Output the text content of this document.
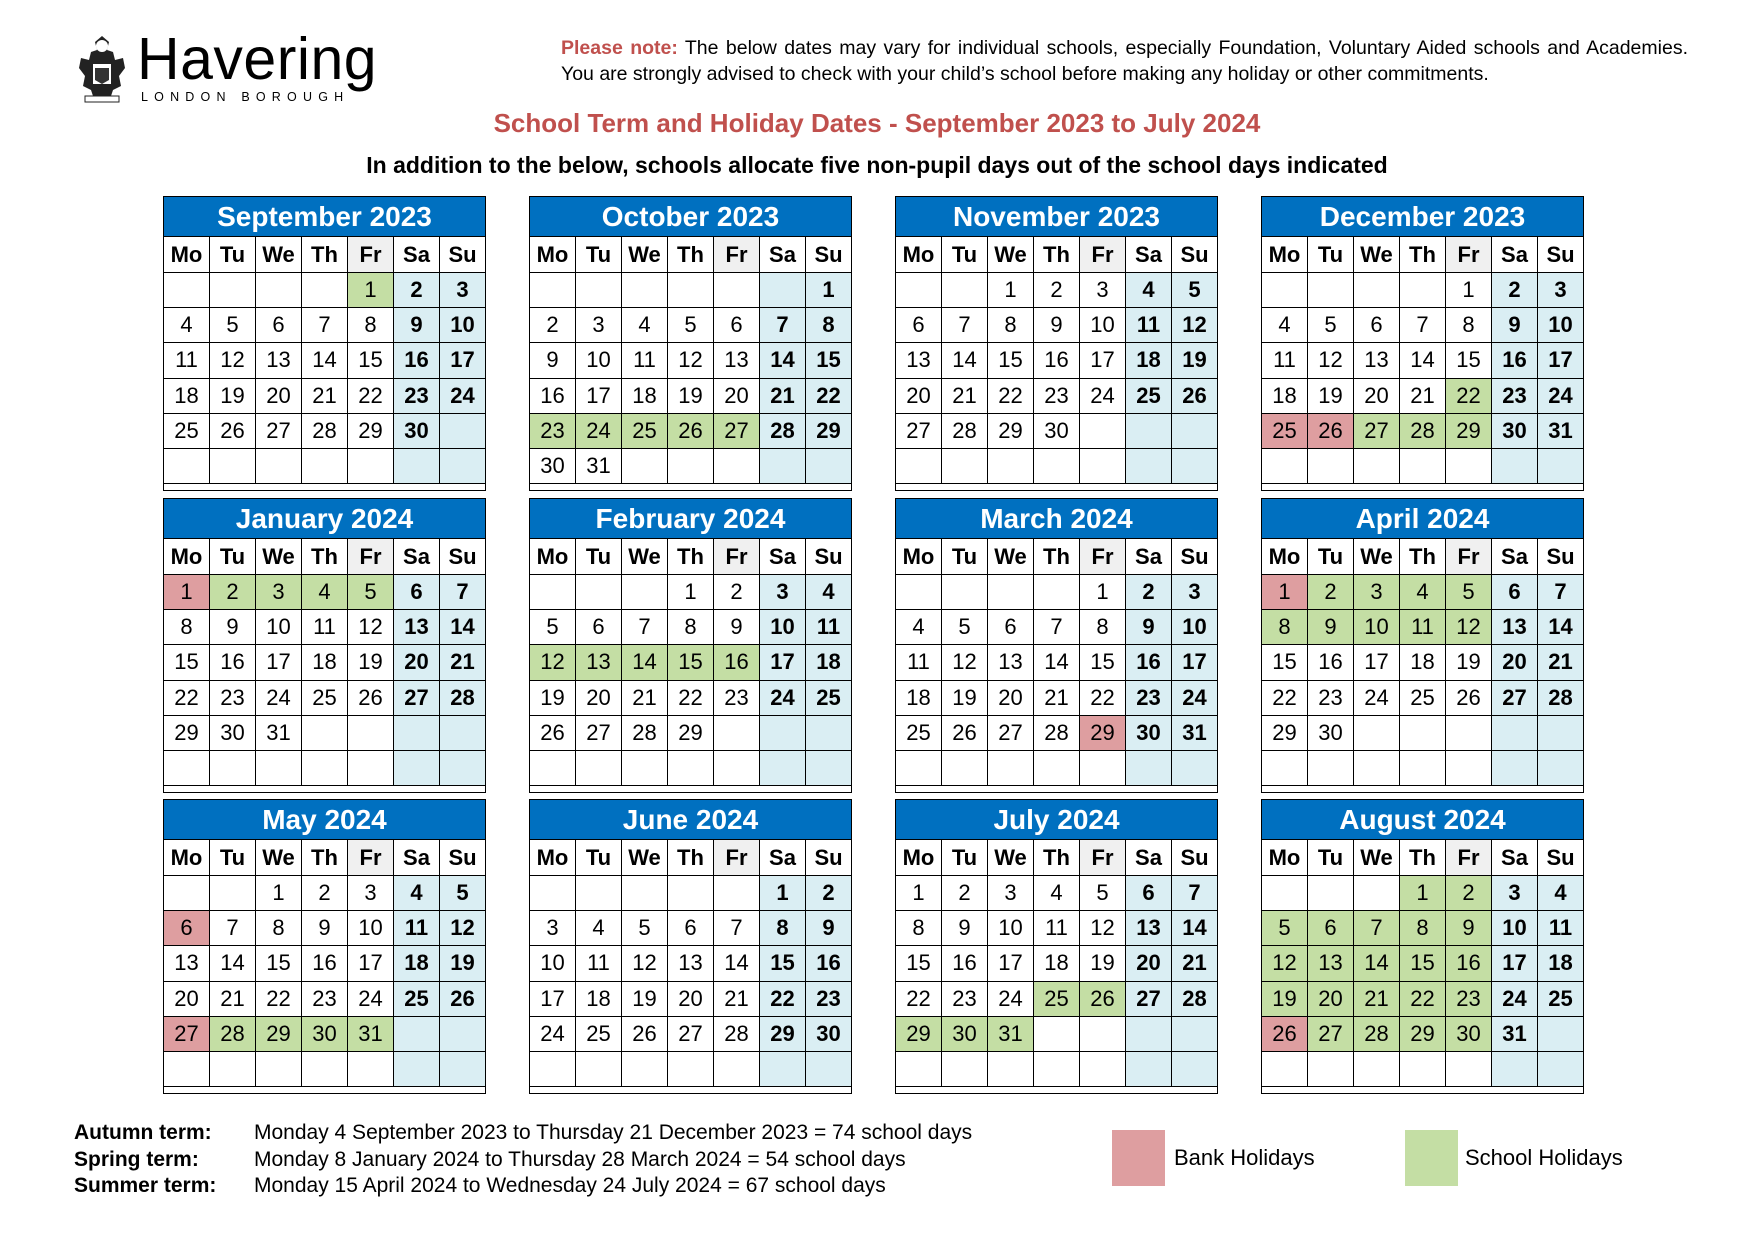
Havering
LONDON BOROUGH
Please note: The below dates may vary for individual schools, especially Foundation, Voluntary Aided schools and Academies. You are strongly advised to check with your child’s school before making any holiday or other commitments.
School Term and Holiday Dates - September 2023 to July 2024
In addition to the below, schools allocate five non-pupil days out of the school days indicated
September 2023
Mo	Tu	We	Th	Fr	Sa	Su
				1	2	3
4	5	6	7	8	9	10
11	12	13	14	15	16	17
18	19	20	21	22	23	24
25	26	27	28	29	30	

October 2023
Mo	Tu	We	Th	Fr	Sa	Su
						1
2	3	4	5	6	7	8
9	10	11	12	13	14	15
16	17	18	19	20	21	22
23	24	25	26	27	28	29
30	31					
November 2023
Mo	Tu	We	Th	Fr	Sa	Su
		1	2	3	4	5
6	7	8	9	10	11	12
13	14	15	16	17	18	19
20	21	22	23	24	25	26
27	28	29	30			

December 2023
Mo	Tu	We	Th	Fr	Sa	Su
				1	2	3
4	5	6	7	8	9	10
11	12	13	14	15	16	17
18	19	20	21	22	23	24
25	26	27	28	29	30	31

January 2024
Mo	Tu	We	Th	Fr	Sa	Su
1	2	3	4	5	6	7
8	9	10	11	12	13	14
15	16	17	18	19	20	21
22	23	24	25	26	27	28
29	30	31				

February 2024
Mo	Tu	We	Th	Fr	Sa	Su
			1	2	3	4
5	6	7	8	9	10	11
12	13	14	15	16	17	18
19	20	21	22	23	24	25
26	27	28	29			

March 2024
Mo	Tu	We	Th	Fr	Sa	Su
				1	2	3
4	5	6	7	8	9	10
11	12	13	14	15	16	17
18	19	20	21	22	23	24
25	26	27	28	29	30	31

April 2024
Mo	Tu	We	Th	Fr	Sa	Su
1	2	3	4	5	6	7
8	9	10	11	12	13	14
15	16	17	18	19	20	21
22	23	24	25	26	27	28
29	30					

May 2024
Mo	Tu	We	Th	Fr	Sa	Su
		1	2	3	4	5
6	7	8	9	10	11	12
13	14	15	16	17	18	19
20	21	22	23	24	25	26
27	28	29	30	31		

June 2024
Mo	Tu	We	Th	Fr	Sa	Su
					1	2
3	4	5	6	7	8	9
10	11	12	13	14	15	16
17	18	19	20	21	22	23
24	25	26	27	28	29	30

July 2024
Mo	Tu	We	Th	Fr	Sa	Su
1	2	3	4	5	6	7
8	9	10	11	12	13	14
15	16	17	18	19	20	21
22	23	24	25	26	27	28
29	30	31				

August 2024
Mo	Tu	We	Th	Fr	Sa	Su
			1	2	3	4
5	6	7	8	9	10	11
12	13	14	15	16	17	18
19	20	21	22	23	24	25
26	27	28	29	30	31	

Autumn term:	Monday 4 September 2023 to Thursday 21 December 2023 = 74 school days
Spring term:	Monday 8 January 2024 to Thursday 28 March 2024 = 54 school days
Summer term:	Monday 15 April 2024 to Wednesday 24 July 2024 = 67 school days
Bank Holidays	School Holidays
